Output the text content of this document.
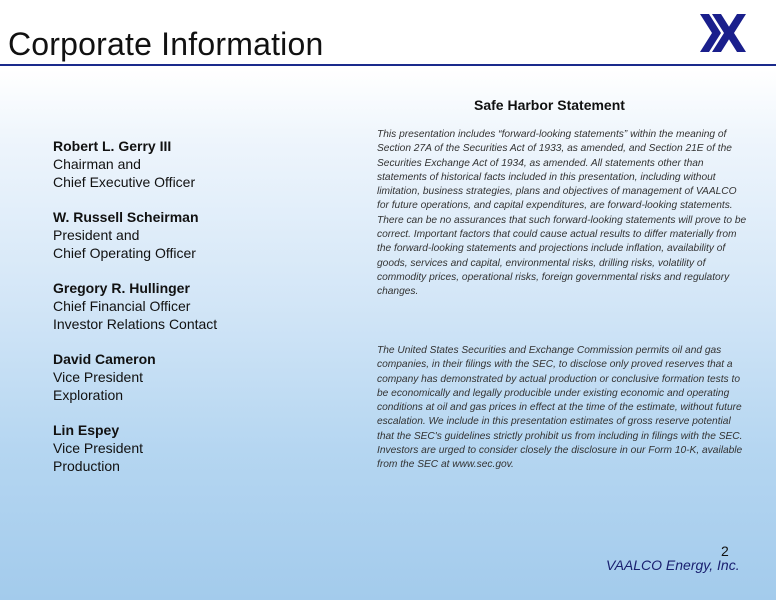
Corporate Information
Robert L. Gerry III
Chairman and
Chief Executive Officer
W. Russell Scheirman
President and
Chief Operating Officer
Gregory R. Hullinger
Chief Financial Officer
Investor Relations Contact
David Cameron
Vice President
Exploration
Lin Espey
Vice President
Production
Safe Harbor Statement
This presentation includes “forward-looking statements” within the meaning of Section 27A of the Securities Act of 1933, as amended, and Section 21E of the Securities Exchange Act of 1934, as amended. All statements other than statements of historical facts included in this presentation, including without limitation, business strategies, plans and objectives of management of VAALCO for future operations, and capital expenditures, are forward-looking statements. There can be no assurances that such forward-looking statements will prove to be correct. Important factors that could cause actual results to differ materially from the forward-looking statements and projections include inflation, availability of goods, services and capital, environmental risks, drilling risks, volatility of commodity prices, operational risks, foreign governmental risks and regulatory changes.
The United States Securities and Exchange Commission permits oil and gas companies, in their filings with the SEC, to disclose only proved reserves that a company has demonstrated by actual production or conclusive formation tests to be economically and legally producible under existing economic and operating conditions at oil and gas prices in effect at the time of the estimate, without future escalation. We include in this presentation estimates of gross reserve potential that the SEC's guidelines strictly prohibit us from including in filings with the SEC. Investors are urged to consider closely the disclosure in our Form 10-K, available from the SEC at www.sec.gov.
2
VAALCO Energy, Inc.
